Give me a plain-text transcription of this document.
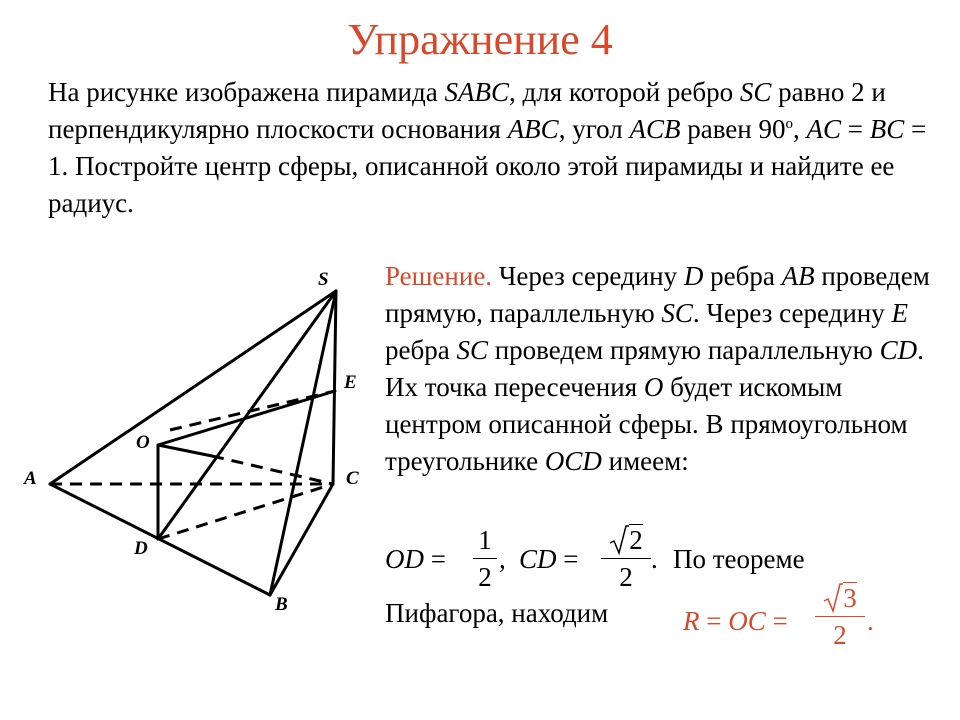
Упражнение 4
На рисунке изображена пирамида SABC, для которой ребро SC равно 2 и перпендикулярно плоскости основания ABC, угол ACB равен 90$^o$, AC = BC = 1. Постройте центр сферы, описанной около этой пирамиды и найдите ее радиус.
S
E
O
A	C
D
B
Решение. Через середину D ребра AB проведем прямую, параллельную SC. Через середину E ребра SC проведем прямую параллельную CD. Их точка пересечения O будет искомым центром описанной сферы. В прямоугольном треугольнике OCD имеем:
OD =
1
2
, CD =
2
2
. По теореме
Пифагора, находим	R = OC =
3
2 .
